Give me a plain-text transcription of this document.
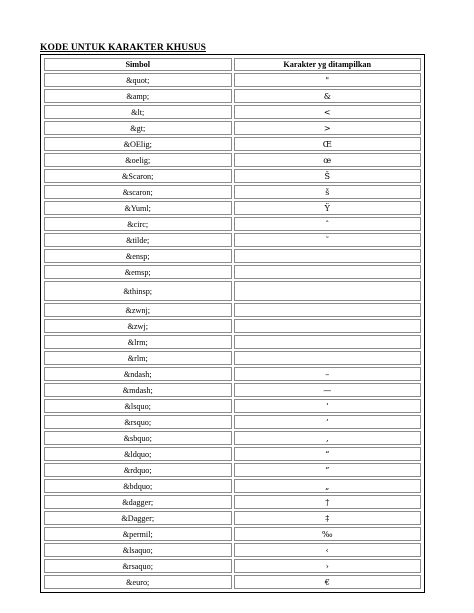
KODE UNTUK KARAKTER KHUSUS
Simbol	Karakter yg ditampilkan
&quot;	"
&amp;	&
&lt;	<
&gt;	>
&OElig;	Œ
&oelig;	œ
&Scaron;	Š
&scaron;	š
&Yuml;	Ÿ
&circ;	ˆ
&tilde;	˜
&ensp;	
&emsp;	
&thinsp;	
&zwnj;	
&zwj;	
&lrm;	
&rlm;	
&ndash;	–
&mdash;	—
&lsquo;	‘
&rsquo;	’
&sbquo;	‚
&ldquo;	“
&rdquo;	”
&bdquo;	„
&dagger;	†
&Dagger;	‡
&permil;	‰
&lsaquo;	‹
&rsaquo;	›
&euro;	€
